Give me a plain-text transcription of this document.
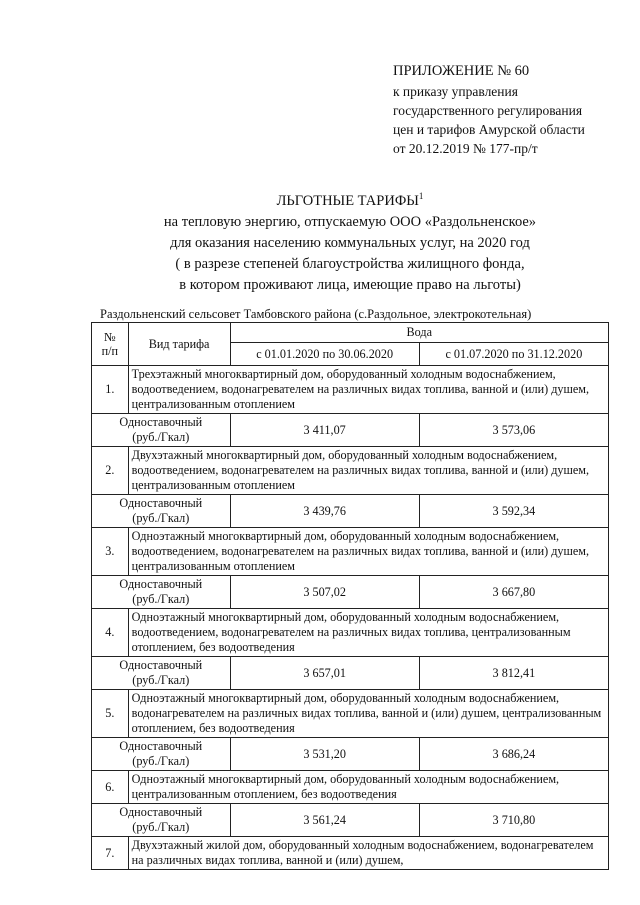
ПРИЛОЖЕНИЕ № 60
к приказу управления
государственного регулирования
цен и тарифов Амурской области
от 20.12.2019 № 177-пр/т
ЛЬГОТНЫЕ ТАРИФЫ$^1$
на тепловую энергию, отпускаемую ООО «Раздольненское»
для оказания населению коммунальных услуг, на 2020 год
( в разрезе степеней благоустройства жилищного фонда,
в котором проживают лица, имеющие право на льготы)
Раздольненский сельсовет Тамбовского района (с.Раздольное, электрокотельная)
№
п/п	Вид тарифа	Вода	
		с 01.01.2020 по 30.06.2020	с 01.07.2020 по 31.12.2020
1.	Трехэтажный многоквартирный дом, оборудованный холодным водоснабжением, водоотведением, водонагревателем на различных видах топлива, ванной и (или) душем, централизованным отоплением		
Одноставочный
(руб./Гкал)		3 411,07	3 573,06
2.	Двухэтажный многоквартирный дом, оборудованный холодным водоснабжением, водоотведением, водонагревателем на различных видах топлива, ванной и (или) душем, централизованным отоплением		
Одноставочный
(руб./Гкал)		3 439,76	3 592,34
3.	Одноэтажный многоквартирный дом, оборудованный холодным водоснабжением, водоотведением, водонагревателем на различных видах топлива, ванной и (или) душем, централизованным отоплением		
Одноставочный
(руб./Гкал)		3 507,02	3 667,80
4.	Одноэтажный многоквартирный дом, оборудованный холодным водоснабжением, водоотведением, водонагревателем на различных видах топлива, централизованным отоплением, без водоотведения		
Одноставочный
(руб./Гкал)		3 657,01	3 812,41
5.	Одноэтажный многоквартирный дом, оборудованный холодным водоснабжением, водонагревателем на различных видах топлива, ванной и (или) душем, централизованным отоплением, без водоотведения		
Одноставочный
(руб./Гкал)		3 531,20	3 686,24
6.	Одноэтажный многоквартирный дом, оборудованный холодным водоснабжением, централизованным отоплением, без водоотведения		
Одноставочный
(руб./Гкал)		3 561,24	3 710,80
7.	Двухэтажный жилой дом, оборудованный холодным водоснабжением, водонагревателем на различных видах топлива, ванной и (или) душем,		
